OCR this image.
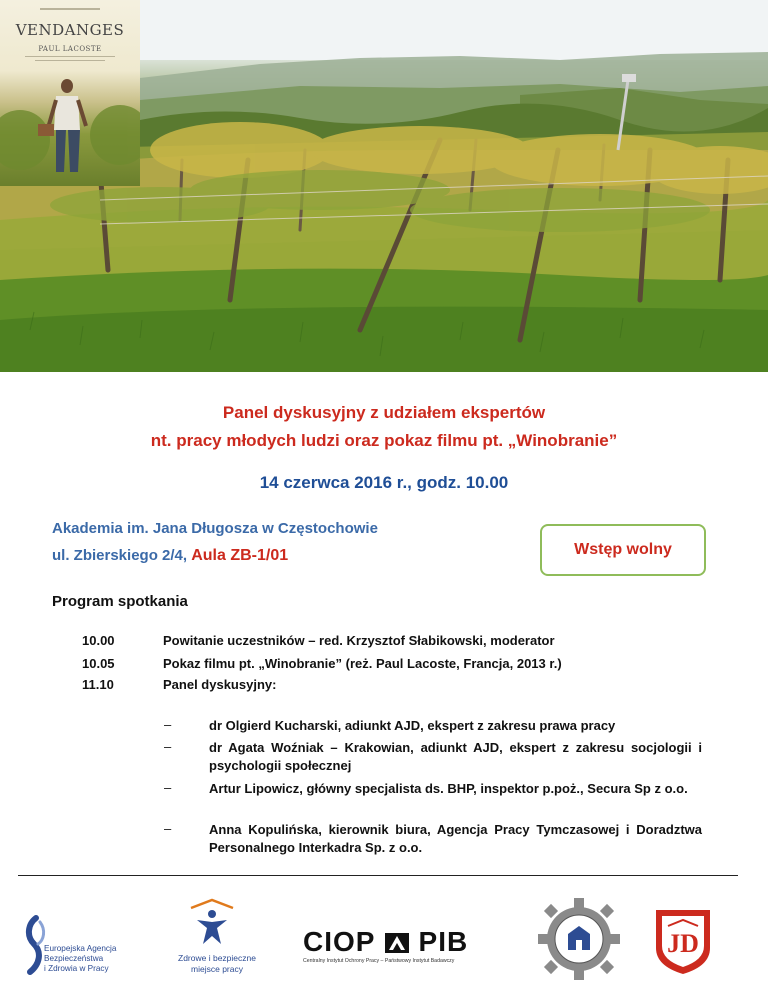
VENDANGES
PAUL LACOSTE
Panel dyskusyjny z udziałem ekspertów
nt. pracy młodych ludzi oraz pokaz filmu pt. „Winobranie”
14 czerwca 2016 r., godz. 10.00
Akademia im. Jana Długosza w Częstochowie
ul. Zbierskiego 2/4, Aula ZB-1/01	Wstęp wolny
Program spotkania
10.00	Powitanie uczestników – red. Krzysztof Słabikowski, moderator
10.05	Pokaz filmu pt. „Winobranie” (reż. Paul Lacoste, Francja, 2013 r.)
11.10	Panel dyskusyjny:
–	dr Olgierd Kucharski, adiunkt AJD, ekspert z zakresu prawa pracy
–	dr Agata Woźniak – Krakowian, adiunkt AJD, ekspert z zakresu socjologii i psychologii społecznej
–	Artur Lipowicz, główny specjalista ds. BHP, inspektor p.poż., Secura Sp z o.o.
–	Anna Kopulińska, kierownik biura, Agencja Pracy Tymczasowej i Doradztwa Personalnego Interkadra Sp. z o.o.
Europejska Agencja
Bezpieczeństwa
i Zdrowia w Pracy
Zdrowe i bezpieczne
miejsce pracy
CIOP PIB
Centralny Instytut Ochrony Pracy – Państwowy Instytut Badawczy
JD
